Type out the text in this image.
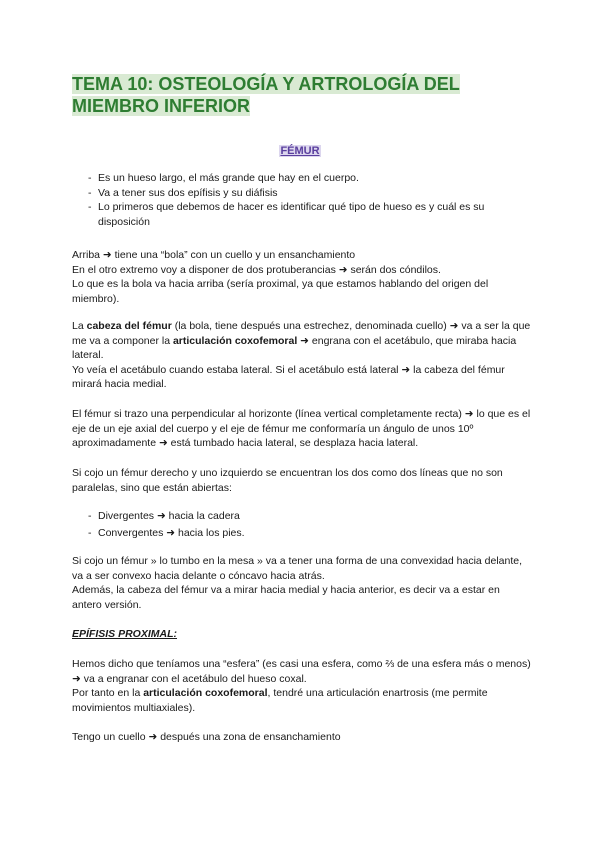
TEMA 10: OSTEOLOGÍA Y ARTROLOGÍA DEL
MIEMBRO INFERIOR
FÉMUR
- Es un hueso largo, el más grande que hay en el cuerpo.
- Va a tener sus dos epífisis y su diáfisis
- Lo primeros que debemos de hacer es identificar qué tipo de hueso es y cuál es su disposición

Arriba ➜ tiene una “bola” con un cuello y un ensanchamiento

En el otro extremo voy a disponer de dos protuberancias ➜ serán dos cóndilos.

Lo que es la bola va hacia arriba (sería proximal, ya que estamos hablando del origen del miembro).

La cabeza del fémur (la bola, tiene después una estrechez, denominada cuello) ➜ va a ser la que me va a componer la articulación coxofemoral ➜ engrana con el acetábulo, que miraba hacia lateral.

Yo veía el acetábulo cuando estaba lateral. Si el acetábulo está lateral ➜ la cabeza del fémur mirará hacia medial.

El fémur si trazo una perpendicular al horizonte (línea vertical completamente recta) ➜ lo que es el eje de un eje axial del cuerpo y el eje de fémur me conformaría un ángulo de unos 10º aproximadamente ➜ está tumbado hacia lateral, se desplaza hacia lateral.

Si cojo un fémur derecho y uno izquierdo se encuentran los dos como dos líneas que no son paralelas, sino que están abiertas:

- Divergentes ➜ hacia la cadera
- Convergentes ➜ hacia los pies.

Si cojo un fémur » lo tumbo en la mesa » va a tener una forma de una convexidad hacia delante, va a ser convexo hacia delante o cóncavo hacia atrás.

Además, la cabeza del fémur va a mirar hacia medial y hacia anterior, es decir va a estar en antero versión.

EPÍFISIS PROXIMAL:

Hemos dicho que teníamos una “esfera” (es casi una esfera, como ⅔ de una esfera más o menos) ➜ va a engranar con el acetábulo del hueso coxal.

Por tanto en la articulación coxofemoral, tendré una articulación enartrosis (me permite movimientos multiaxiales).

Tengo un cuello ➜ después una zona de ensanchamiento
